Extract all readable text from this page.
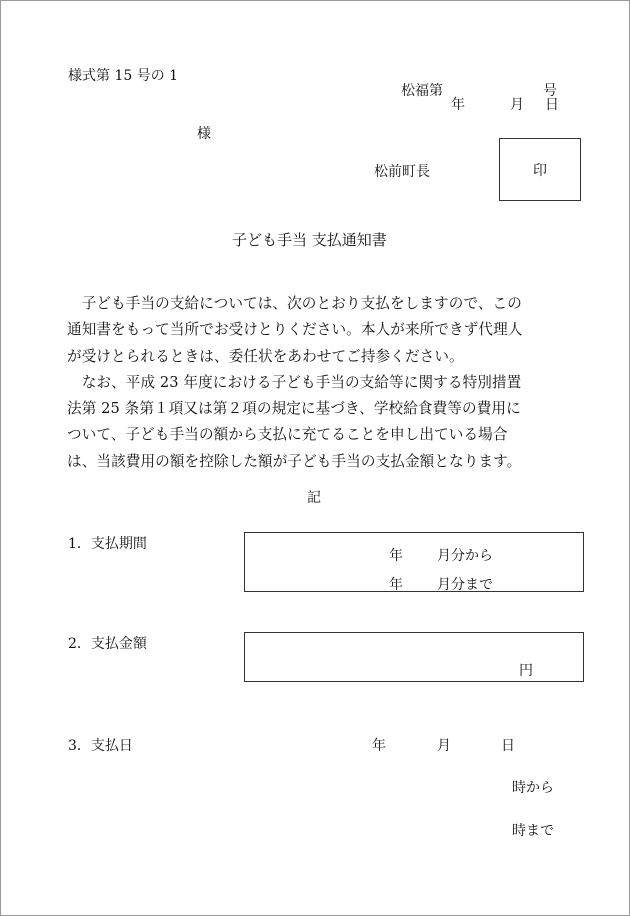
様式第 15 号の 1
松福第	号
年	月 日
様
松前町長	印
子ども手当 支払通知書

　子ども手当の支給については、次のとおり支払をしますので、この

通知書をもって当所でお受けとりください。本人が来所できず代理人

が受けとられるときは、委任状をあわせてご持参ください。

　なお、平成 23 年度における子ども手当の支給等に関する特別措置

法第 25 条第１項又は第２項の規定に基づき、学校給食費等の費用に

ついて、子ども手当の額から支払に充てることを申し出ている場合

は、当該費用の額を控除した額が子ども手当の支払金額となります。

記
1．支払期間
年 月分から
年 月分まで
2．支払金額
円
3．支払日	年	月	日
時から
時まで
